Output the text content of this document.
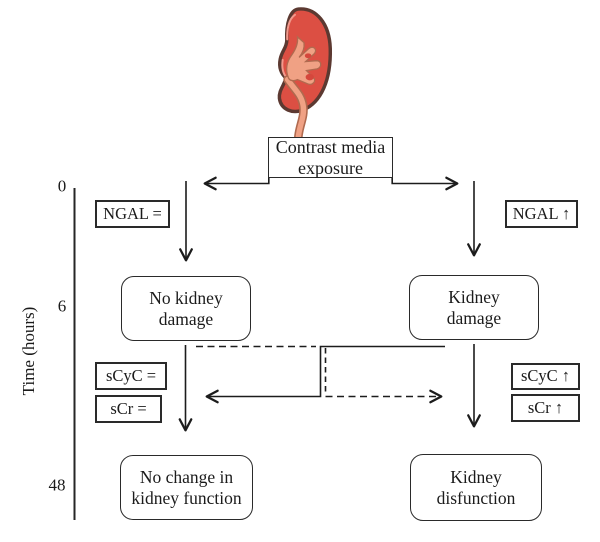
Time (hours)
0
6
48
Contrast media
exposure
NGAL =	NGAL ↑
No kidney
damage
Kidney
damage
sCyC =
sCr =
sCyC ↑
sCr ↑
No change in
kidney function
Kidney
disfunction
